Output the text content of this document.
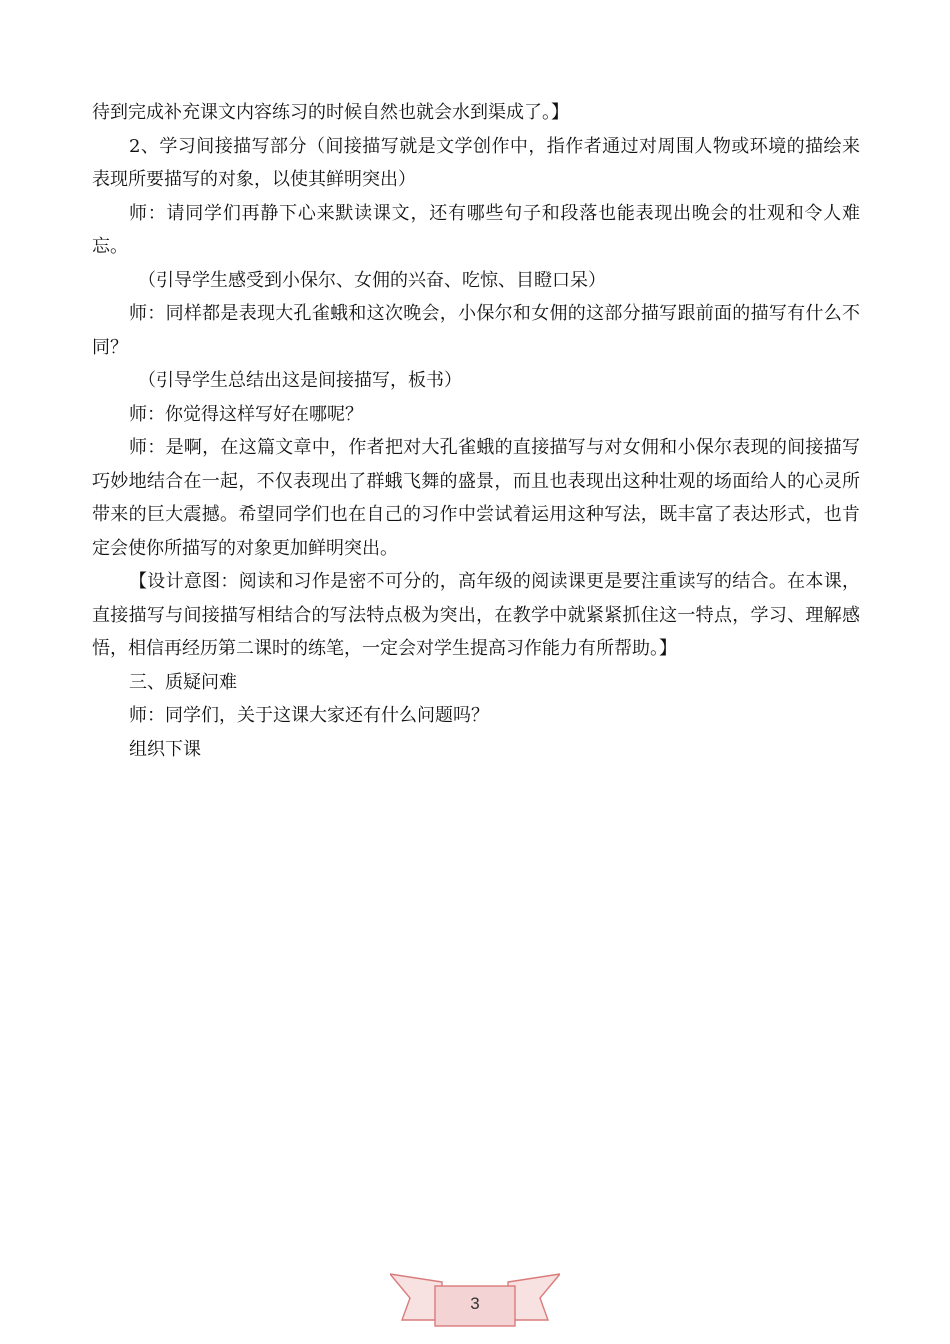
待到完成补充课文内容练习的时候自然也就会水到渠成了。】

2、学习间接描写部分（间接描写就是文学创作中，指作者通过对周围人物或环境的描绘来表现所要描写的对象，以使其鲜明突出）

师：请同学们再静下心来默读课文，还有哪些句子和段落也能表现出晚会的壮观和令人难忘。

（引导学生感受到小保尔、女佣的兴奋、吃惊、目瞪口呆）

师：同样都是表现大孔雀蛾和这次晚会，小保尔和女佣的这部分描写跟前面的描写有什么不同？

（引导学生总结出这是间接描写，板书）

师：你觉得这样写好在哪呢？

师：是啊，在这篇文章中，作者把对大孔雀蛾的直接描写与对女佣和小保尔表现的间接描写巧妙地结合在一起，不仅表现出了群蛾飞舞的盛景，而且也表现出这种壮观的场面给人的心灵所带来的巨大震撼。希望同学们也在自己的习作中尝试着运用这种写法，既丰富了表达形式，也肯定会使你所描写的对象更加鲜明突出。

【设计意图：阅读和习作是密不可分的，高年级的阅读课更是要注重读写的结合。在本课，直接描写与间接描写相结合的写法特点极为突出，在教学中就紧紧抓住这一特点，学习、理解感悟，相信再经历第二课时的练笔，一定会对学生提高习作能力有所帮助。】

三、质疑问难

师：同学们，关于这课大家还有什么问题吗？

组织下课

3
